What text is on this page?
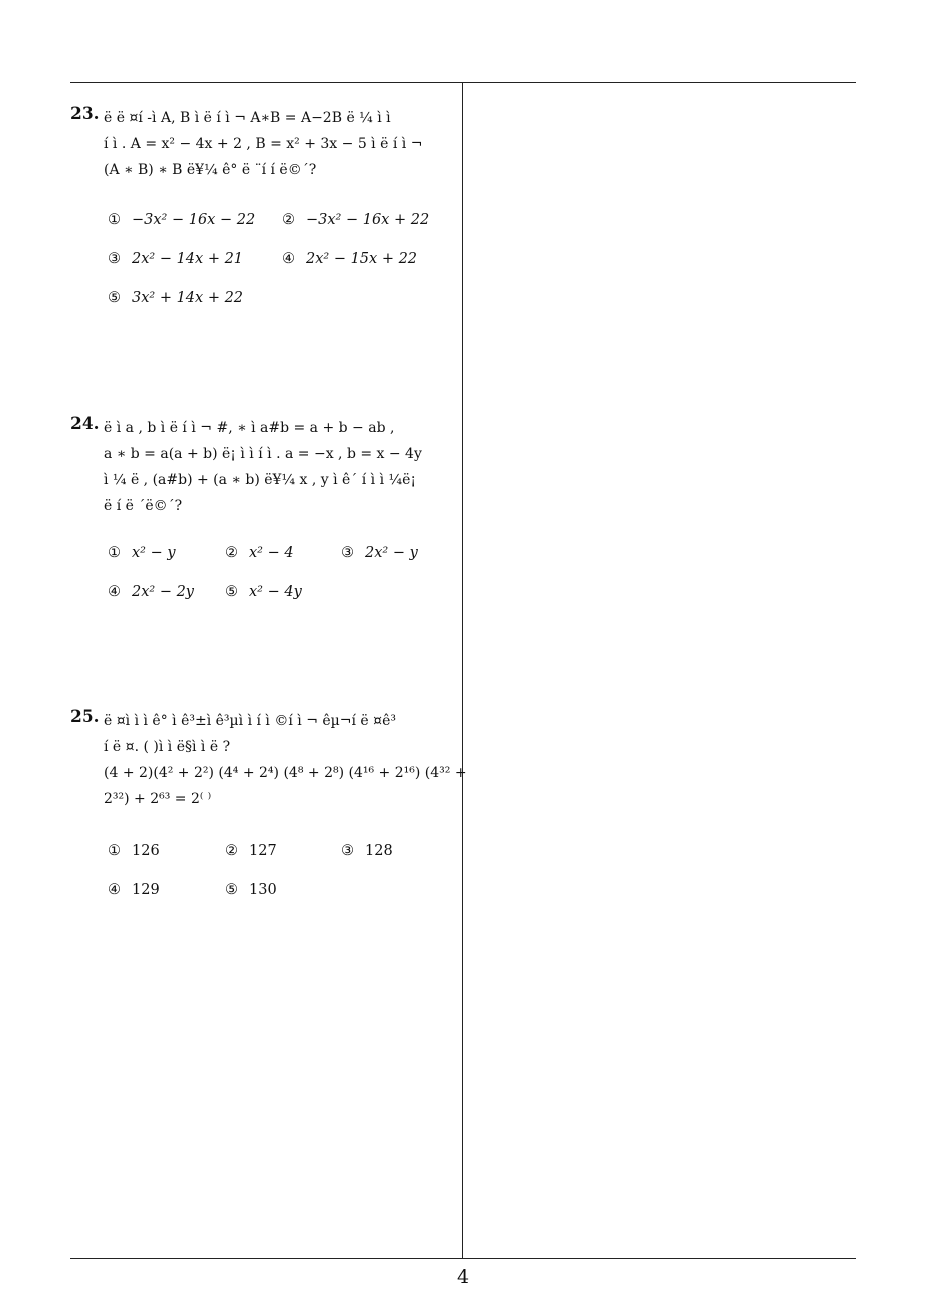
23. ë ë ¤í -ì A, B ì ë í ì ¬ A∗B = A−2B ë ¼ ì ì
í ì . A = x² − 4x + 2 , B = x² + 3x − 5 ì ë í ì ¬
(A ∗ B) ∗ B ë¥¼ ê° ë ¨í í ë©´?
① −3x² − 16x − 22 ② −3x² − 16x + 22
③ 2x² − 14x + 21	④ 2x² − 15x + 22
⑤ 3x² + 14x + 22
24. ë ì a , b ì ë í ì ¬ #, ∗ ì a#b = a + b − ab ,
a ∗ b = a(a + b) ë¡ ì ì í ì . a = −x , b = x − 4y
ì ¼ ë , (a#b) + (a ∗ b) ë¥¼ x , y ì ê´ í ì ì ¼ë¡
ë í ë ´ë©´?
① x² − y	② x² − 4	③ 2x² − y
④ 2x² − 2y ⑤ x² − 4y
25. ë ¤ì ì ì ê° ì ê³±ì ê³µì ì í ì ©í ì ¬ êµ¬í ë ¤ê³
í ë ¤. ( )ì ì ë§ì ì ë ?
(4 + 2)(4² + 2²) (4⁴ + 2⁴) (4⁸ + 2⁸) (4¹⁶ + 2¹⁶) (4³² +
2³²) + 2⁶³ = 2⁽ ⁾
① 126	② 127	③ 128
④ 129	⑤ 130
4
